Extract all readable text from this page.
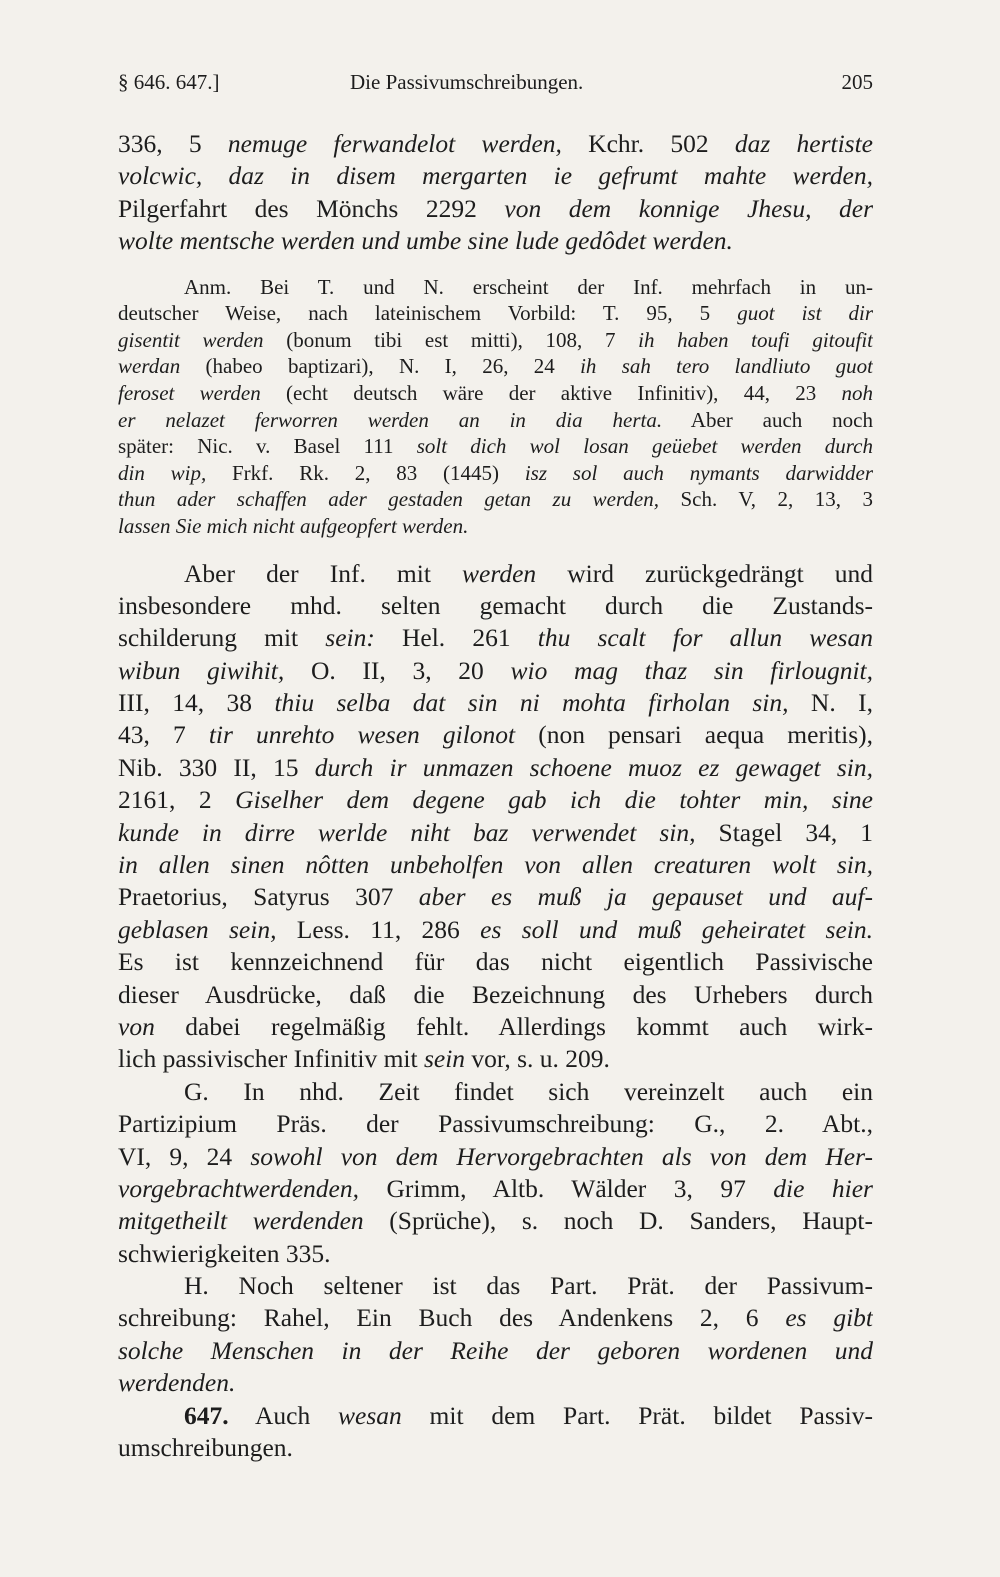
§ 646. 647.]	Die Passivumschreibungen.	205
336, 5 nemuge ferwandelot werden, Kchr. 502 daz hertiste
volcwic, daz in disem mergarten ie gefrumt mahte werden,
Pilgerfahrt des Mönchs 2292 von dem konnige Jhesu, der
wolte mentsche werden und umbe sine lude gedôdet werden.
Anm. Bei T. und N. erscheint der Inf. mehrfach in un-
deutscher Weise, nach lateinischem Vorbild: T. 95, 5 guot ist dir
gisentit werden (bonum tibi est mitti), 108, 7 ih haben toufi gitoufit
werdan (habeo baptizari), N. I, 26, 24 ih sah tero landliuto guot
feroset werden (echt deutsch wäre der aktive Infinitiv), 44, 23 noh
er nelazet ferworren werden an in dia herta. Aber auch noch
später: Nic. v. Basel 111 solt dich wol losan geüebet werden durch
din wip, Frkf. Rk. 2, 83 (1445) isz sol auch nymants darwidder
thun ader schaffen ader gestaden getan zu werden, Sch. V, 2, 13, 3
lassen Sie mich nicht aufgeopfert werden.
Aber der Inf. mit werden wird zurückgedrängt und
insbesondere mhd. selten gemacht durch die Zustands-
schilderung mit sein: Hel. 261 thu scalt for allun wesan
wibun giwihit, O. II, 3, 20 wio mag thaz sin firlougnit,
III, 14, 38 thiu selba dat sin ni mohta firholan sin, N. I,
43, 7 tir unrehto wesen gilonot (non pensari aequa meritis),
Nib. 330 II, 15 durch ir unmazen schoene muoz ez gewaget sin,
2161, 2 Giselher dem degene gab ich die tohter min, sine
kunde in dirre werlde niht baz verwendet sin, Stagel 34, 1
in allen sinen nôtten unbeholfen von allen creaturen wolt sin,
Praetorius, Satyrus 307 aber es muß ja gepauset und auf-
geblasen sein, Less. 11, 286 es soll und muß geheiratet sein.
Es ist kennzeichnend für das nicht eigentlich Passivische
dieser Ausdrücke, daß die Bezeichnung des Urhebers durch
von dabei regelmäßig fehlt. Allerdings kommt auch wirk-
lich passivischer Infinitiv mit sein vor, s. u. 209.
G. In nhd. Zeit findet sich vereinzelt auch ein
Partizipium Präs. der Passivumschreibung: G., 2. Abt.,
VI, 9, 24 sowohl von dem Hervorgebrachten als von dem Her-
vorgebrachtwerdenden, Grimm, Altb. Wälder 3, 97 die hier
mitgetheilt werdenden (Sprüche), s. noch D. Sanders, Haupt-
schwierigkeiten 335.
H. Noch seltener ist das Part. Prät. der Passivum-
schreibung: Rahel, Ein Buch des Andenkens 2, 6 es gibt
solche Menschen in der Reihe der geboren wordenen und
werdenden.
647. Auch wesan mit dem Part. Prät. bildet Passiv-
umschreibungen.
